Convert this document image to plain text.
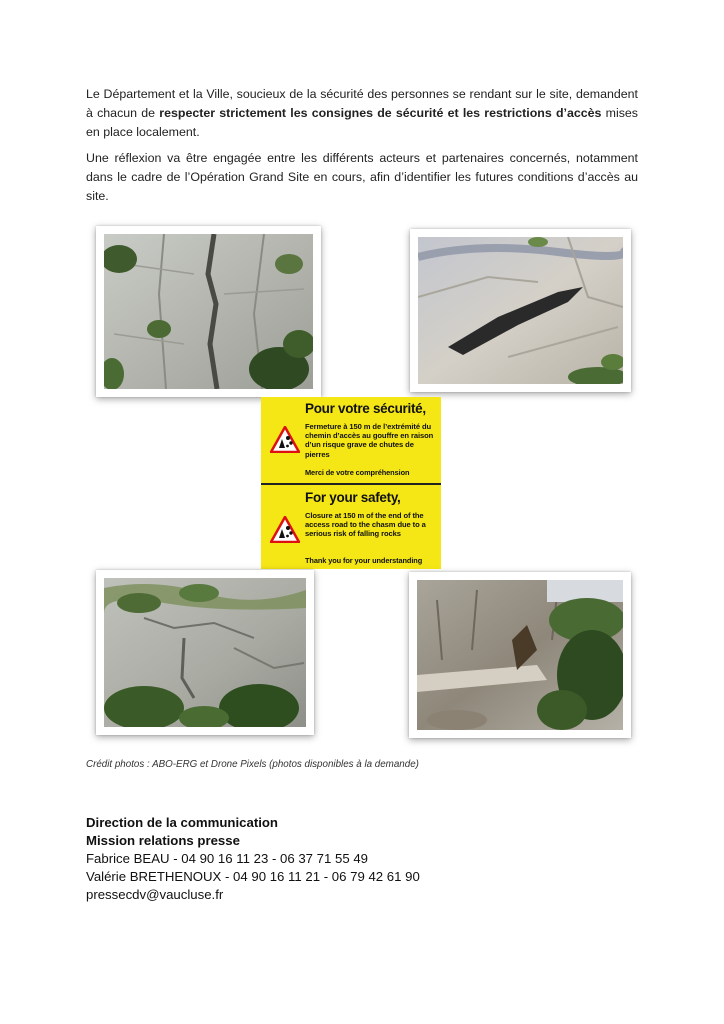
Le Département et la Ville, soucieux de la sécurité des personnes se rendant sur le site, demandent à chacun de respecter strictement les consignes de sécurité et les restrictions d’accès mises en place localement.

Une réflexion va être engagée entre les différents acteurs et partenaires concernés, notamment dans le cadre de l’Opération Grand Site en cours, afin d’identifier les futures conditions d’accès au site.

Pour votre sécurité,
Fermeture à 150 m de l’extrémité du chemin d’accès au gouffre en raison d’un risque grave de chutes de pierres
Merci de votre compréhension
For your safety,
Closure at 150 m of the end of the access road to the chasm due to a serious risk of falling rocks
Thank you for your understanding
Crédit photos : ABO-ERG et Drone Pixels (photos disponibles à la demande)
Direction de la communication
Mission relations presse
Fabrice BEAU - 04 90 16 11 23 - 06 37 71 55 49
Valérie BRETHENOUX - 04 90 16 11 21 - 06 79 42 61 90
pressecdv@vaucluse.fr
